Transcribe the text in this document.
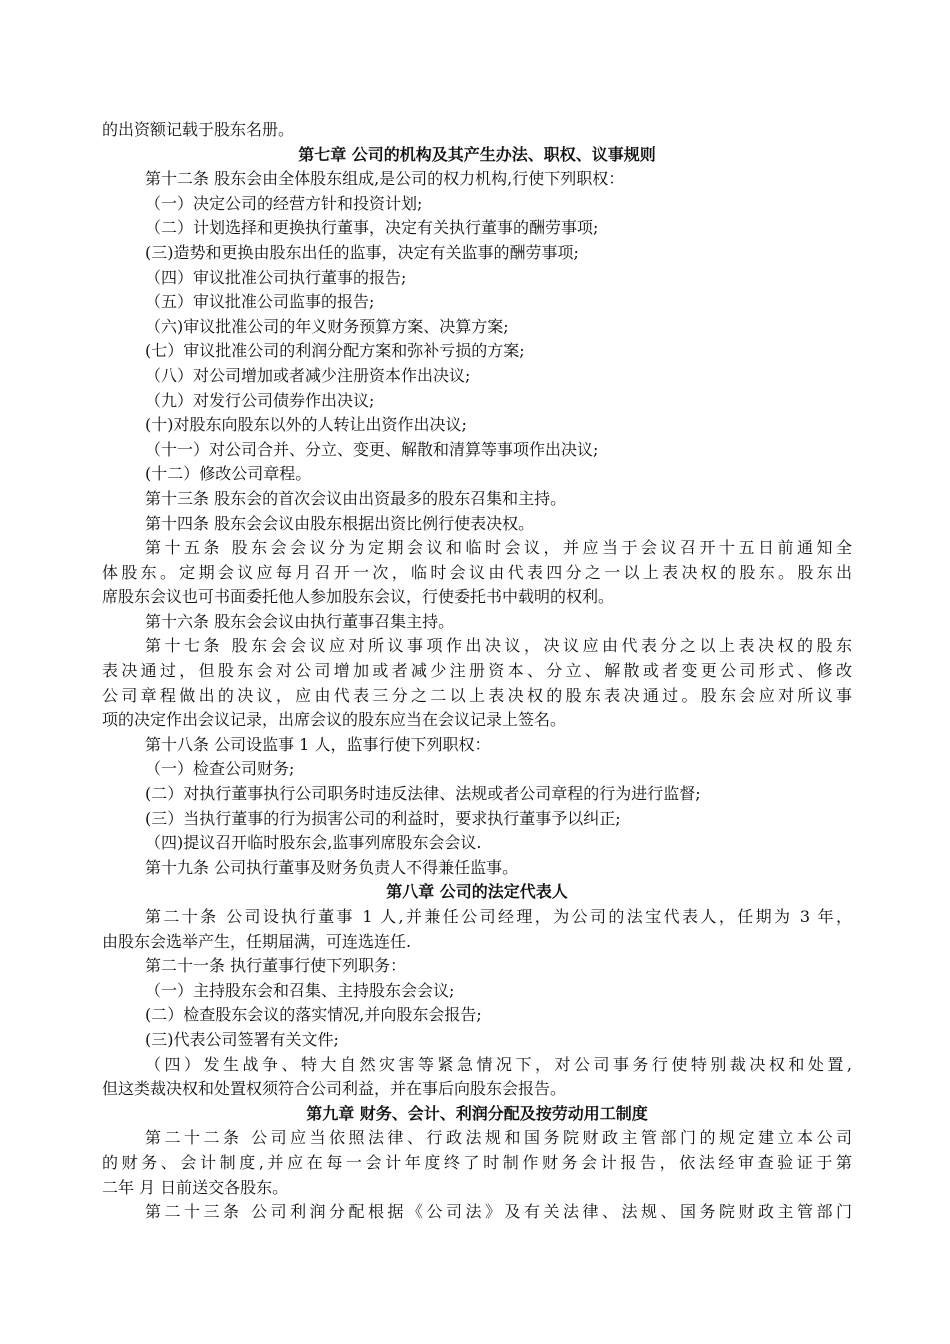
的出资额记载于股东名册。
第七章 公司的机构及其产生办法、职权、议事规则
第十二条 股东会由全体股东组成,是公司的权力机构,行使下列职权：
（一）决定公司的经营方针和投资计划;
（二）计划选择和更换执行董事，决定有关执行董事的酬劳事项;
(三)造势和更换由股东出任的监事，决定有关监事的酬劳事项;
（四）审议批准公司执行董事的报告;
（五）审议批准公司监事的报告;
（六)审议批准公司的年义财务预算方案、决算方案;
(七）审议批准公司的利润分配方案和弥补亏损的方案;
（八）对公司增加或者减少注册资本作出决议;
（九）对发行公司债券作出决议;
(十)对股东向股东以外的人转让出资作出决议;
（十一）对公司合并、分立、变更、解散和清算等事项作出决议;
(十二）修改公司章程。
第十三条 股东会的首次会议由出资最多的股东召集和主持。
第十四条 股东会会议由股东根据出资比例行使表决权。
第十五条 股东会会议分为定期会议和临时会议，并应当于会议召开十五日前通知全
体股东。定期会议应每月召开一次，临时会议由代表四分之一以上表决权的股东。股东出
席股东会议也可书面委托他人参加股东会议，行使委托书中载明的权利。
第十六条 股东会会议由执行董事召集主持。
第十七条 股东会会议应对所议事项作出决议，决议应由代表分之以上表决权的股东
表决通过，但股东会对公司增加或者减少注册资本、分立、解散或者变更公司形式、修改
公司章程做出的决议，应由代表三分之二以上表决权的股东表决通过。股东会应对所议事
项的决定作出会议记录，出席会议的股东应当在会议记录上签名。
第十八条 公司设监事 1 人，监事行使下列职权：
（一）检查公司财务;
(二）对执行董事执行公司职务时违反法律、法规或者公司章程的行为进行监督;
(三）当执行董事的行为损害公司的利益时，要求执行董事予以纠正;
（四)提议召开临时股东会,监事列席股东会会议.
第十九条 公司执行董事及财务负责人不得兼任监事。
第八章 公司的法定代表人
第二十条 公司设执行董事 1 人,并兼任公司经理，为公司的法宝代表人，任期为 3 年，
由股东会选举产生，任期届满，可连选连任.
第二十一条 执行董事行使下列职务：
（一）主持股东会和召集、主持股东会会议;
(二）检查股东会议的落实情况,并向股东会报告;
(三)代表公司签署有关文件;
（四）发生战争、特大自然灾害等紧急情况下，对公司事务行使特别裁决权和处置,
但这类裁决权和处置权须符合公司利益，并在事后向股东会报告。
第九章 财务、会计、利润分配及按劳动用工制度
第二十二条 公司应当依照法律、行政法规和国务院财政主管部门的规定建立本公司
的财务、会计制度,并应在每一会计年度终了时制作财务会计报告，依法经审查验证于第
二年 月 日前送交各股东。
第二十三条 公司利润分配根据《公司法》及有关法律、法规、国务院财政主管部门
